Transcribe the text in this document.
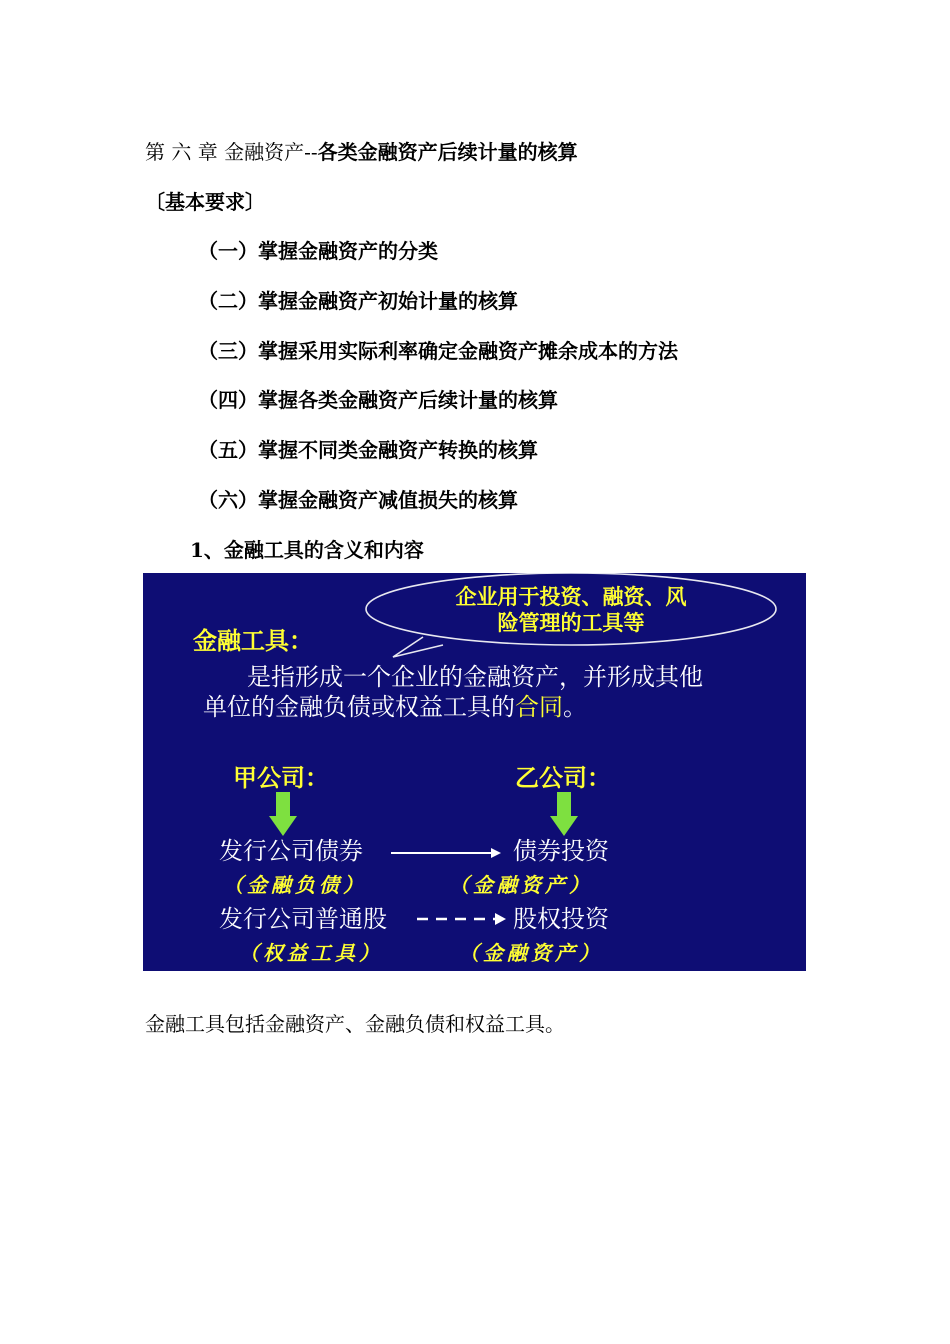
第 六 章 金融资产--各类金融资产后续计量的核算
〔基本要求〕
（一）掌握金融资产的分类
（二）掌握金融资产初始计量的核算
（三）掌握采用实际利率确定金融资产摊余成本的方法
（四）掌握各类金融资产后续计量的核算
（五）掌握不同类金融资产转换的核算
（六）掌握金融资产减值损失的核算
1、金融工具的含义和内容
企业用于投资、融资、风
险管理的工具等
金融工具：
是指形成一个企业的金融资产，并形成其他
单位的金融负债或权益工具的合同。
甲公司：	乙公司：
发行公司债券	债券投资
（金融负债）	（金融资产）
发行公司普通股	股权投资
（权益工具）	（金融资产）
金融工具包括金融资产、金融负债和权益工具。
